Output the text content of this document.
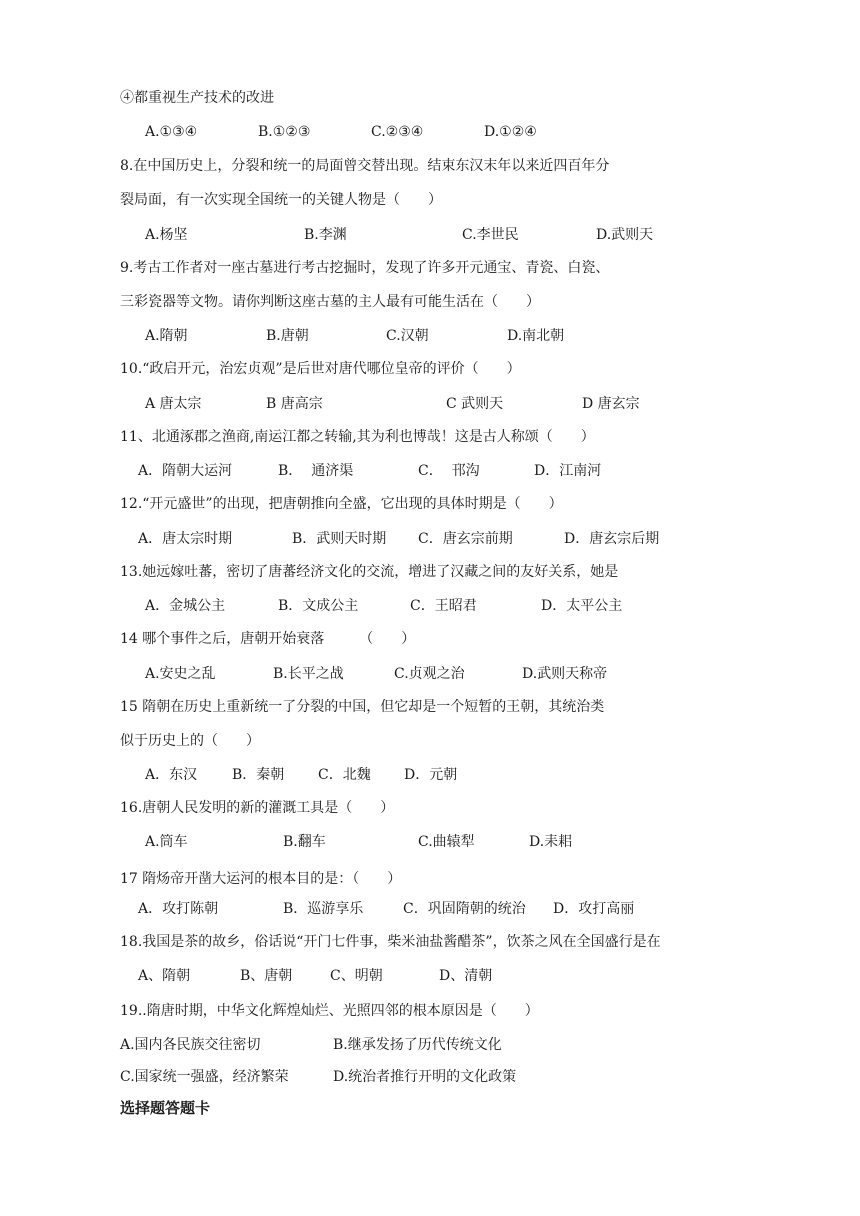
④都重视生产技术的改进
A.①③④	B.①②③	C.②③④	D.①②④
8.在中国历史上，分裂和统一的局面曾交替出现。结束东汉末年以来近四百年分
裂局面，有一次实现全国统一的关键人物是（　　）
A.杨坚	B.李渊	C.李世民	D.武则天
9.考古工作者对一座古墓进行考古挖掘时，发现了许多开元通宝、青瓷、白瓷、
三彩瓷器等文物。请你判断这座古墓的主人最有可能生活在（　　）
A.隋朝	B.唐朝	C.汉朝	D.南北朝
10.“政启开元，治宏贞观”是后世对唐代哪位皇帝的评价（　　）
A 唐太宗	B 唐高宗	C 武则天	D 唐玄宗
11、北通涿郡之渔商,南运江都之转输,其为利也博哉！这是古人称颂（　　）
A．隋朝大运河	B．  通济渠	C．  邗沟	D．江南河
12.“开元盛世”的出现，把唐朝推向全盛，它出现的具体时期是（　　）
A．唐太宗时期	B．武则天时期 C．唐玄宗前期	D．唐玄宗后期
13.她远嫁吐蕃，密切了唐蕃经济文化的交流，增进了汉藏之间的友好关系，她是
A．金城公主	B．文成公主	C．王昭君	D．太平公主
14 哪个事件之后，唐朝开始衰落　　　（　　）
A.安史之乱	B.长平之战	C.贞观之治	D.武则天称帝
15 隋朝在历史上重新统一了分裂的中国，但它却是一个短暂的王朝，其统治类
似于历史上的（　　）
A．东汉 B．秦朝 C．北魏 D．元朝
16.唐朝人民发明的新的灌溉工具是（　　）
A.筒车	B.翻车	C.曲辕犁	D.耒耜
17 隋炀帝开凿大运河的根本目的是：（　　）
A．攻打陈朝	B．巡游享乐	C．巩固隋朝的统治 D．攻打高丽
18.我国是茶的故乡，俗话说“开门七件事，柴米油盐酱醋茶”，饮茶之风在全国盛行是在
A、隋朝	B、唐朝	C、明朝	D、清朝
19..隋唐时期，中华文化辉煌灿烂、光照四邻的根本原因是（　　）
A.国内各民族交往密切	B.继承发扬了历代传统文化
C.国家统一强盛，经济繁荣	D.统治者推行开明的文化政策
选择题答题卡
